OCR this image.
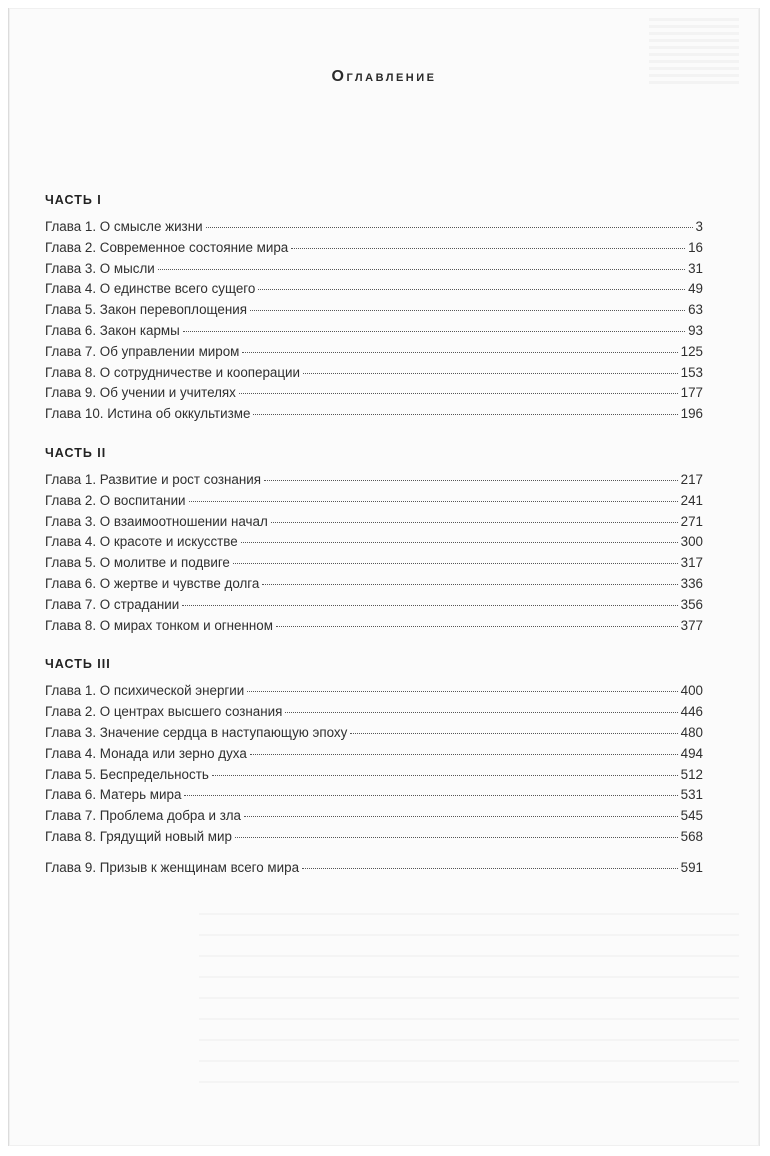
Оглавление
ЧАСТЬ I
Глава 1. О смысле жизни	3
Глава 2. Современное состояние мира	16
Глава 3. О мысли	31
Глава 4. О единстве всего сущего	49
Глава 5. Закон перевоплощения	63
Глава 6. Закон кармы	93
Глава 7. Об управлении миром	125
Глава 8. О сотрудничестве и кооперации	153
Глава 9. Об учении и учителях	177
Глава 10. Истина об оккультизме	196
ЧАСТЬ II
Глава 1. Развитие и рост сознания	217
Глава 2. О воспитании	241
Глава 3. О взаимоотношении начал	271
Глава 4. О красоте и искусстве	300
Глава 5. О молитве и подвиге	317
Глава 6. О жертве и чувстве долга	336
Глава 7. О страдании	356
Глава 8. О мирах тонком и огненном	377
ЧАСТЬ III
Глава 1. О психической энергии	400
Глава 2. О центрах высшего сознания	446
Глава 3. Значение сердца в наступающую эпоху	480
Глава 4. Монада или зерно духа	494
Глава 5. Беспредельность	512
Глава 6. Матерь мира	531
Глава 7. Проблема добра и зла	545
Глава 8. Грядущий новый мир	568
Глава 9. Призыв к женщинам всего мира	591
